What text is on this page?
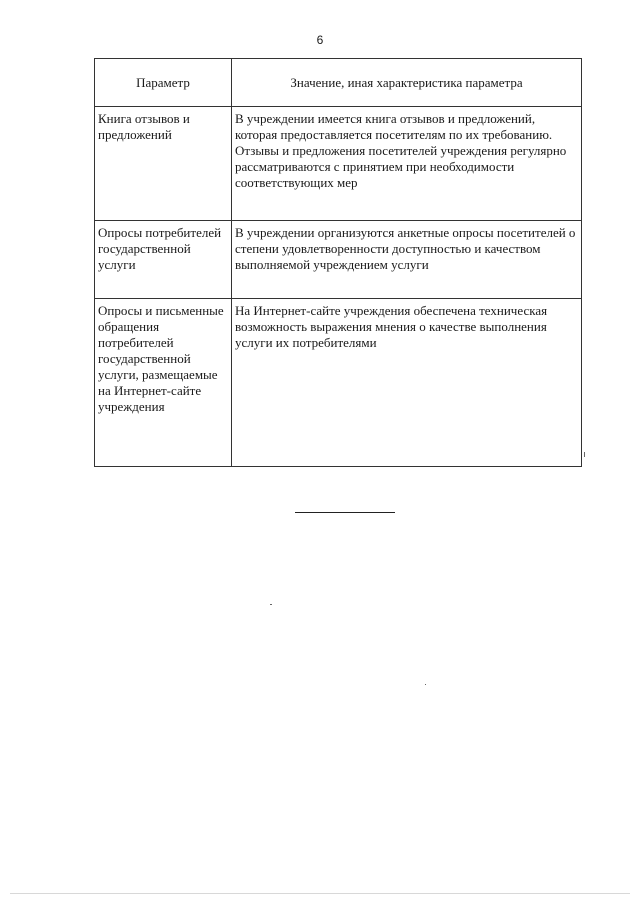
6
Параметр	Значение, иная характеристика параметра
Книга отзывов и предложений	В учреждении имеется книга отзывов и предложений, которая предоставляется посетителям по их требованию. Отзывы и предложения посетителей учреждения регулярно рассматриваются с принятием при необходимости соответствующих мер
Опросы потребителей государственной услуги	В учреждении организуются анкетные опросы посетителей о степени удовлетворенности доступностью и качеством выполняемой учреждением услуги
Опросы и письменные обращения потребителей государственной услуги, размещаемые на Интернет-сайте учреждения	На Интернет-сайте учреждения обеспечена техническая возможность выражения мнения о качестве выполнения услуги их потребителями
